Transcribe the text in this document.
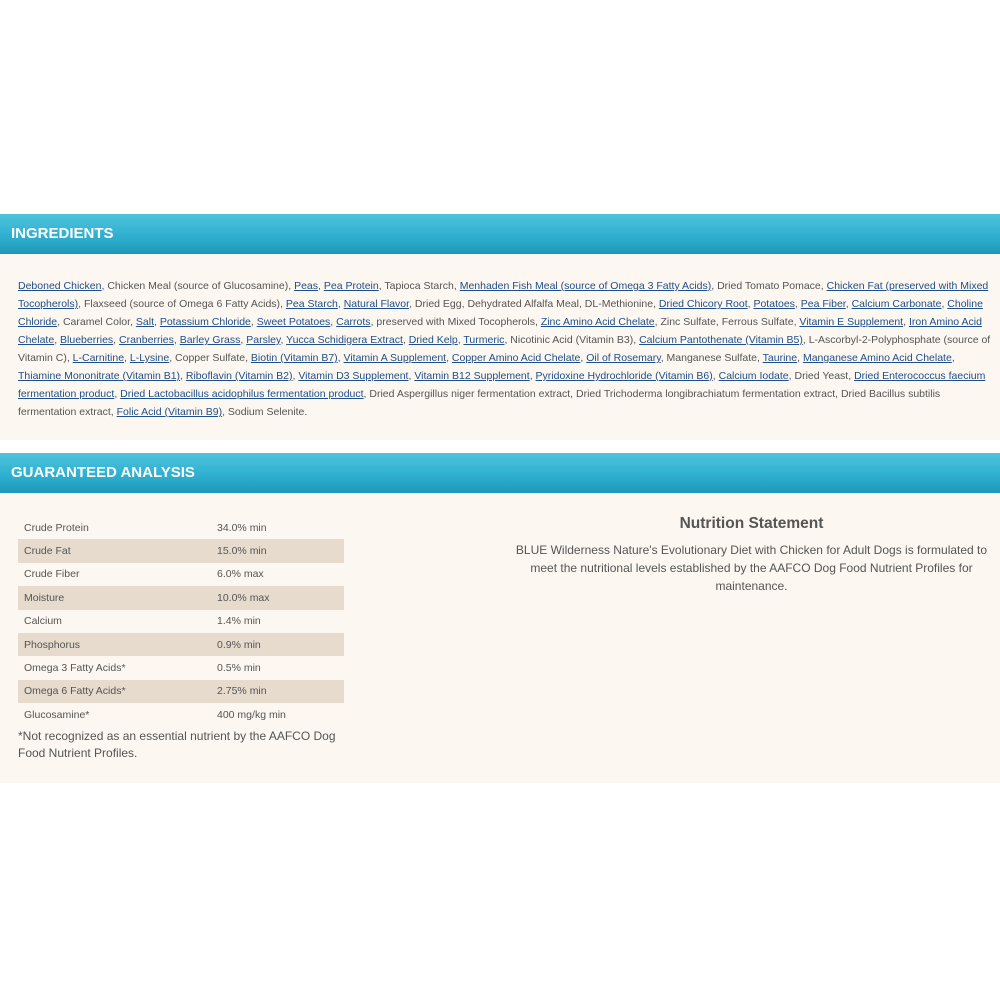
INGREDIENTS
Deboned Chicken, Chicken Meal (source of Glucosamine), Peas, Pea Protein, Tapioca Starch, Menhaden Fish Meal (source of Omega 3 Fatty Acids), Dried Tomato Pomace, Chicken Fat (preserved with Mixed Tocopherols), Flaxseed (source of Omega 6 Fatty Acids), Pea Starch, Natural Flavor, Dried Egg, Dehydrated Alfalfa Meal, DL-Methionine, Dried Chicory Root, Potatoes, Pea Fiber, Calcium Carbonate, Choline Chloride, Caramel Color, Salt, Potassium Chloride, Sweet Potatoes, Carrots, preserved with Mixed Tocopherols, Zinc Amino Acid Chelate, Zinc Sulfate, Ferrous Sulfate, Vitamin E Supplement, Iron Amino Acid Chelate, Blueberries, Cranberries, Barley Grass, Parsley, Yucca Schidigera Extract, Dried Kelp, Turmeric, Nicotinic Acid (Vitamin B3), Calcium Pantothenate (Vitamin B5), L-Ascorbyl-2-Polyphosphate (source of Vitamin C), L-Carnitine, L-Lysine, Copper Sulfate, Biotin (Vitamin B7), Vitamin A Supplement, Copper Amino Acid Chelate, Oil of Rosemary, Manganese Sulfate, Taurine, Manganese Amino Acid Chelate, Thiamine Mononitrate (Vitamin B1), Riboflavin (Vitamin B2), Vitamin D3 Supplement, Vitamin B12 Supplement, Pyridoxine Hydrochloride (Vitamin B6), Calcium Iodate, Dried Yeast, Dried Enterococcus faecium fermentation product, Dried Lactobacillus acidophilus fermentation product, Dried Aspergillus niger fermentation extract, Dried Trichoderma longibrachiatum fermentation extract, Dried Bacillus subtilis fermentation extract, Folic Acid (Vitamin B9), Sodium Selenite.
GUARANTEED ANALYSIS
Crude Protein	34.0% min
Crude Fat	15.0% min
Crude Fiber	6.0% max
Moisture	10.0% max
Calcium	1.4% min
Phosphorus	0.9% min
Omega 3 Fatty Acids*	0.5% min
Omega 6 Fatty Acids*	2.75% min
Glucosamine*	400 mg/kg min
*Not recognized as an essential nutrient by the AAFCO Dog Food Nutrient Profiles.
Nutrition Statement
BLUE Wilderness Nature's Evolutionary Diet with Chicken for Adult Dogs is formulated to meet the nutritional levels established by the AAFCO Dog Food Nutrient Profiles for maintenance.
